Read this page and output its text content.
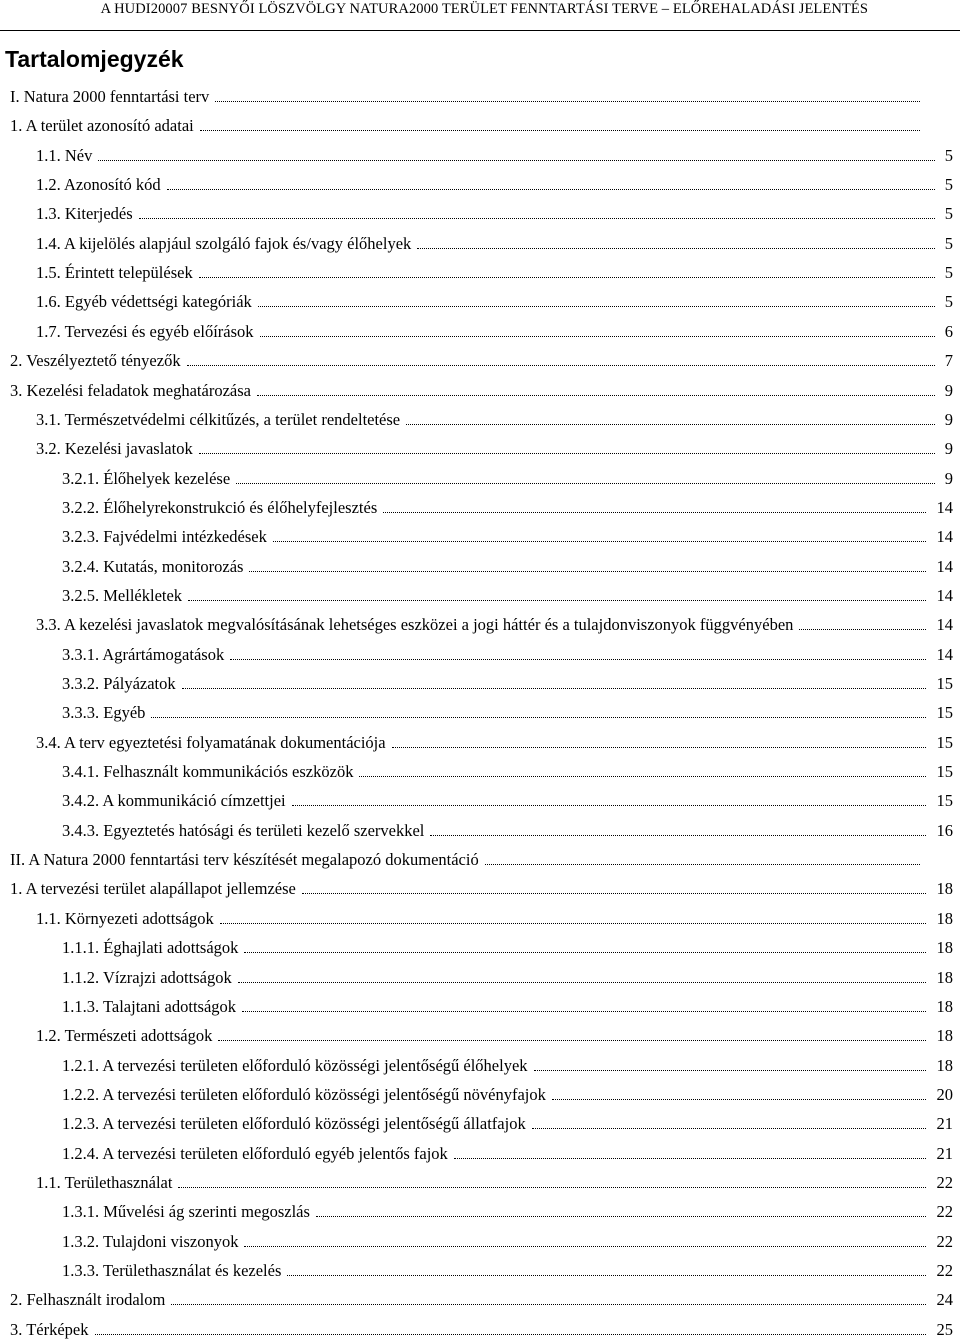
A HUDI20007 BESNYŐI LÖSZVÖLGY NATURA2000 TERÜLET FENNTARTÁSI TERVE – ELŐREHALADÁSI JELENTÉS
Tartalomjegyzék
I. Natura 2000 fenntartási terv
1. A terület azonosító adatai
1.1. Név	5
1.2. Azonosító kód	5
1.3. Kiterjedés	5
1.4. A kijelölés alapjául szolgáló fajok és/vagy élőhelyek	5
1.5. Érintett települések	5
1.6. Egyéb védettségi kategóriák	5
1.7. Tervezési és egyéb előírások	6
2. Veszélyeztető tényezők	7
3. Kezelési feladatok meghatározása	9
3.1. Természetvédelmi célkitűzés, a terület rendeltetése	9
3.2. Kezelési javaslatok	9
3.2.1. Élőhelyek kezelése	9
3.2.2. Élőhelyrekonstrukció és élőhelyfejlesztés	14
3.2.3. Fajvédelmi intézkedések	14
3.2.4. Kutatás, monitorozás	14
3.2.5. Mellékletek	14
3.3. A kezelési javaslatok megvalósításának lehetséges eszközei a jogi háttér és a tulajdonviszonyok függvényében	14
3.3.1. Agrártámogatások	14
3.3.2. Pályázatok	15
3.3.3. Egyéb	15
3.4. A terv egyeztetési folyamatának dokumentációja	15
3.4.1. Felhasznált kommunikációs eszközök	15
3.4.2. A kommunikáció címzettjei	15
3.4.3. Egyeztetés hatósági és területi kezelő szervekkel	16
II. A Natura 2000 fenntartási terv készítését megalapozó dokumentáció
1. A tervezési terület alapállapot jellemzése	18
1.1. Környezeti adottságok	18
1.1.1. Éghajlati adottságok	18
1.1.2. Vízrajzi adottságok	18
1.1.3. Talajtani adottságok	18
1.2. Természeti adottságok	18
1.2.1. A tervezési területen előforduló közösségi jelentőségű élőhelyek	18
1.2.2. A tervezési területen előforduló közösségi jelentőségű növényfajok	20
1.2.3. A tervezési területen előforduló közösségi jelentőségű állatfajok	21
1.2.4. A tervezési területen előforduló egyéb jelentős fajok	21
1.1. Területhasználat	22
1.3.1. Művelési ág szerinti megoszlás	22
1.3.2. Tulajdoni viszonyok	22
1.3.3. Területhasználat és kezelés	22
2. Felhasznált irodalom	24
3. Térképek	25
